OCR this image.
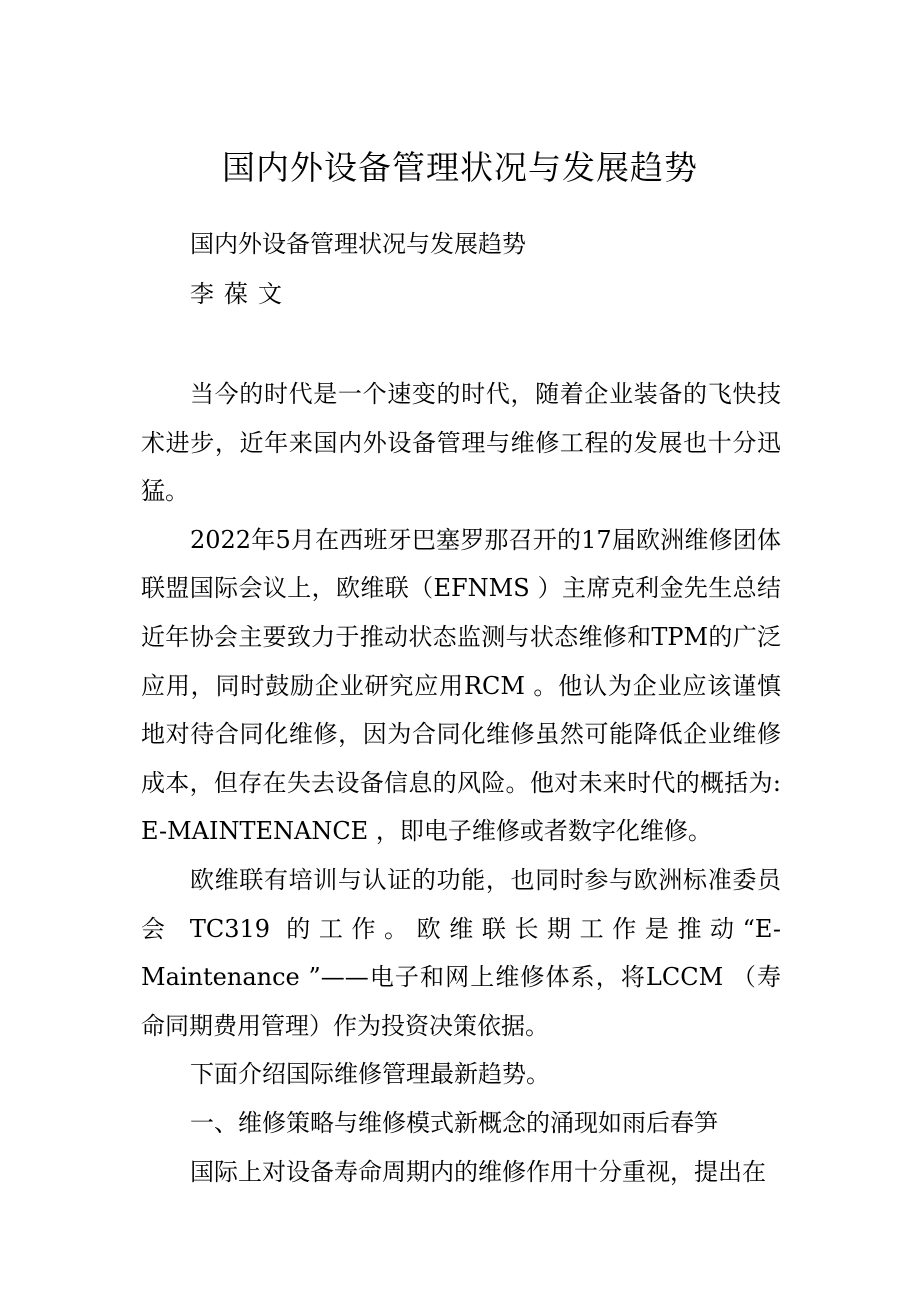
国内外设备管理状况与发展趋势

国内外设备管理状况与发展趋势

李葆文

当今的时代是一个速变的时代，随着企业装备的飞快技术进步，近年来国内外设备管理与维修工程的发展也十分迅猛。

2022年5月在西班牙巴塞罗那召开的17届欧洲维修团体联盟国际会议上，欧维联（EFNMS ）主席克利金先生总结近年协会主要致力于推动状态监测与状态维修和TPM的广泛应用，同时鼓励企业研究应用RCM 。他认为企业应该谨慎地对待合同化维修，因为合同化维修虽然可能降低企业维修成本，但存在失去设备信息的风险。他对未来时代的概括为: E-MAINTENANCE ，即电子维修或者数字化维修。

欧维联有培训与认证的功能，也同时参与欧洲标准委员会 TC319 的工作。欧维联长期工作是推动“E-Maintenance ”——电子和网上维修体系，将LCCM （寿命同期费用管理）作为投资决策依据。

下面介绍国际维修管理最新趋势。

一、维修策略与维修模式新概念的涌现如雨后春笋

国际上对设备寿命周期内的维修作用十分重视，提出在
